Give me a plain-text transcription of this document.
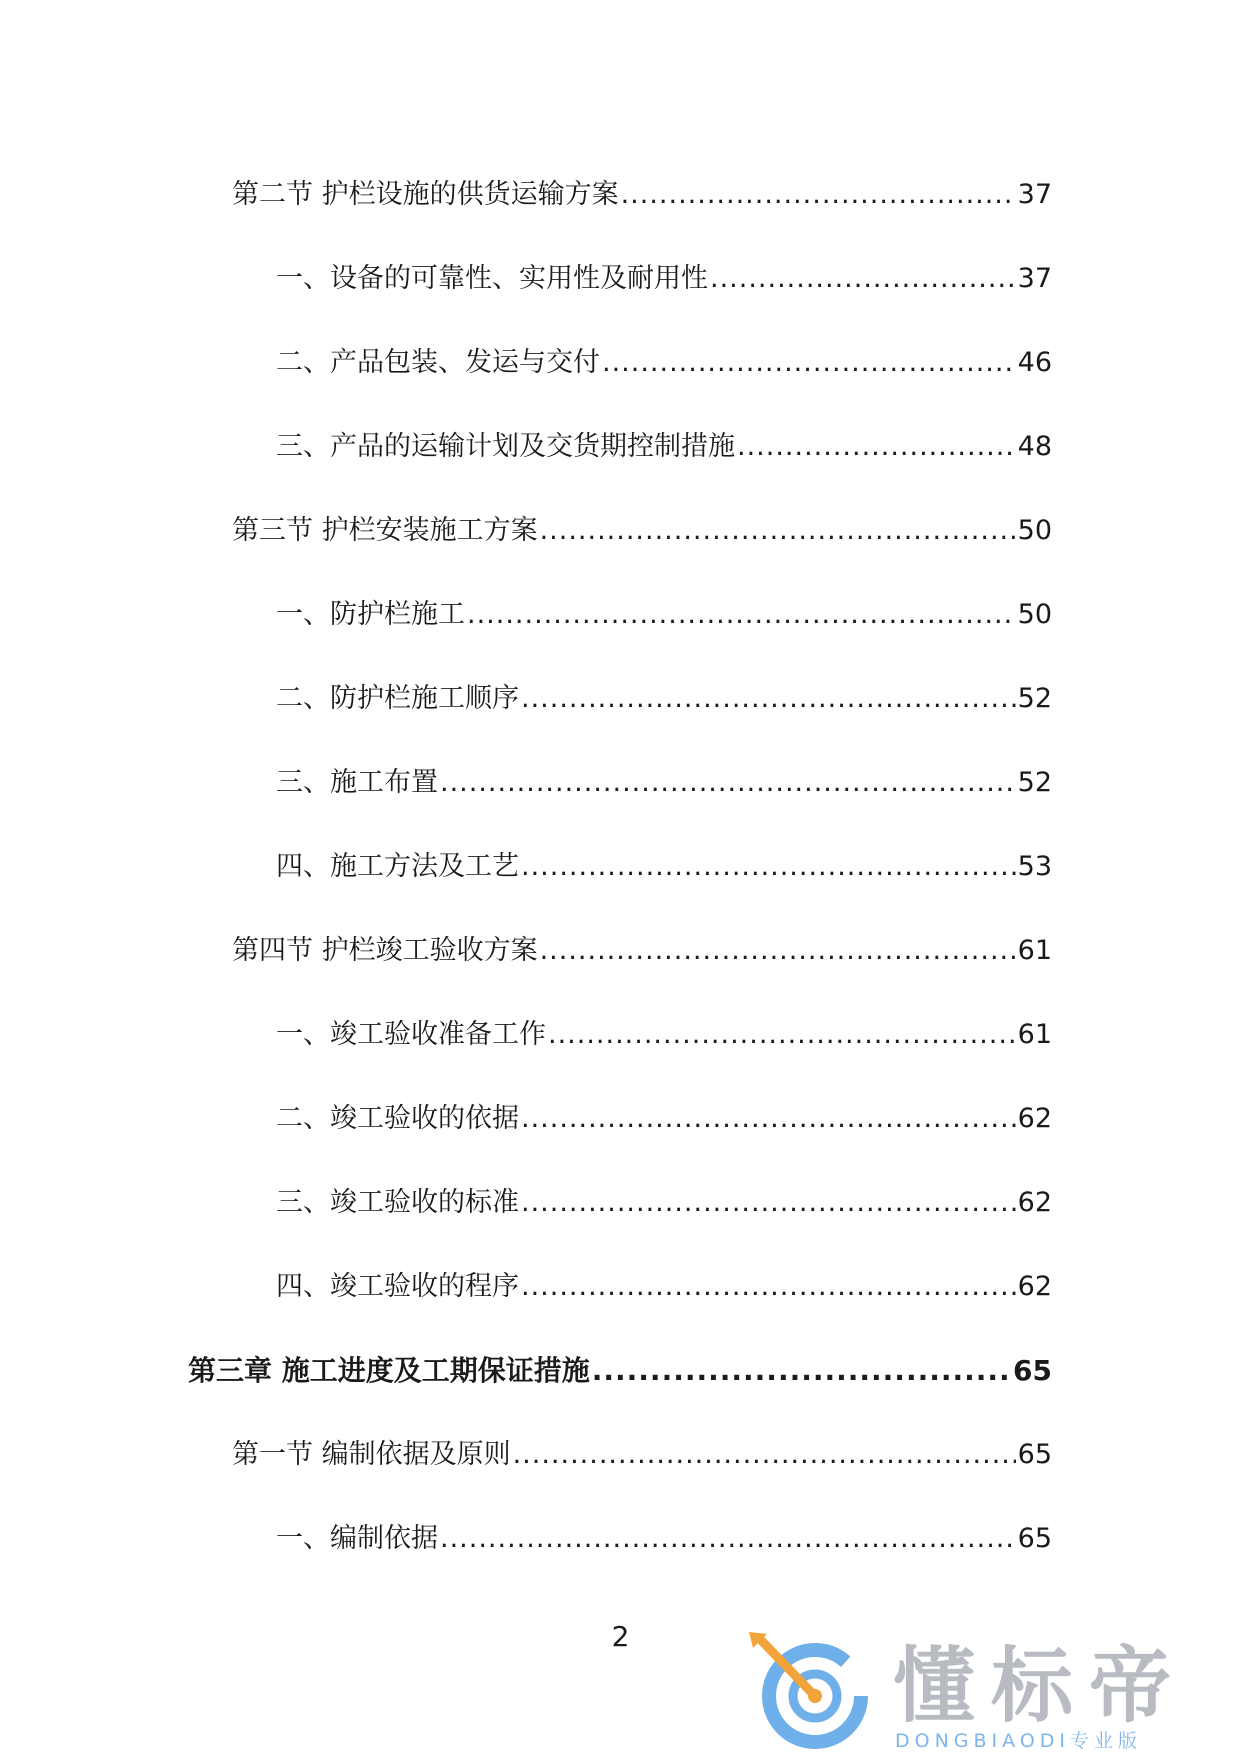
第二节 护栏设施的供货运输方案 .....	37
一、设备的可靠性、实用性及耐用性 .....	37
二、产品包装、发运与交付 .....	46
三、产品的运输计划及交货期控制措施 .....	48
第三节 护栏安装施工方案 .....	50
一、防护栏施工 .....	50
二、防护栏施工顺序 .....	52
三、施工布置 .....	52
四、施工方法及工艺 .....	53
第四节 护栏竣工验收方案 .....	61
一、竣工验收准备工作 .....	61
二、竣工验收的依据 .....	62
三、竣工验收的标准 .....	62
四、竣工验收的程序 .....	62
第三章 施工进度及工期保证措施 .....	65
第一节 编制依据及原则 .....	65
一、编制依据 .....	65
2
懂标帝
DONGBIAODI专业版
